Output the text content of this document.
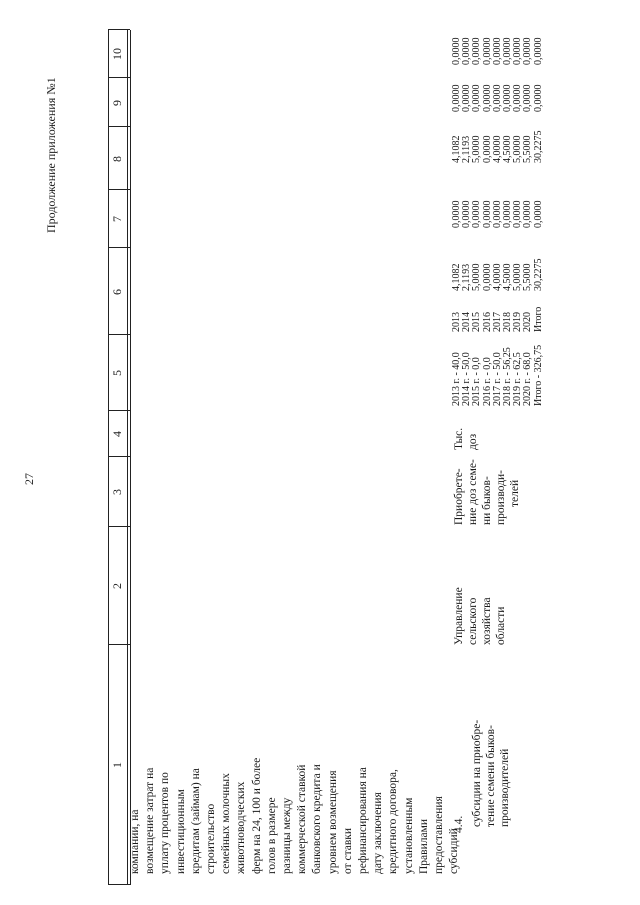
27
Продолжение приложения №1
1
2
3
4
5
6
7
8
9
10
компании, на возмещение затрат на уплату процентов по инвестиционным кредитам (займам) на строительство семейных молочных животноводческих ферм на 24, 100 и более голов в размере разницы между коммерческой ставкой банковского кредита и уровнем возмещения от ставки рефинансирования на дату заключения кредитного договора, установленным Правилами предоставления субсидий
4.4. субсидии на приобре- тение семени быков- производителей
Управление сельского хозяйства области
Приобрете- ние доз семе- ни быков- производи- телей
Тыс. доз
2013 г. - 40,0 2014 г. - 50,0 2015 г. - 0,0 2016 г. - 0,0 2017 г. - 50,0 2018 г. - 56,25 2019 г. - 62,5 2020 г. - 68,0 Итого - 326,75
2013 2014 2015 2016 2017 2018 2019 2020 Итого
4,1082 2,1193 5,0000 0,0000 4,0000 4,5000 5,0000 5,5000 30,2275
0,0000 0,0000 0,0000 0,0000 0,0000 0,0000 0,0000 0,0000 0,0000
4,1082 2,1193 5,0000 0,0000 4,0000 4,5000 5,0000 5,5000 30,2275
0,0000 0,0000 0,0000 0,0000 0,0000 0,0000 0,0000 0,0000 0,0000
0,0000 0,0000 0,0000 0,0000 0,0000 0,0000 0,0000 0,0000 0,0000
